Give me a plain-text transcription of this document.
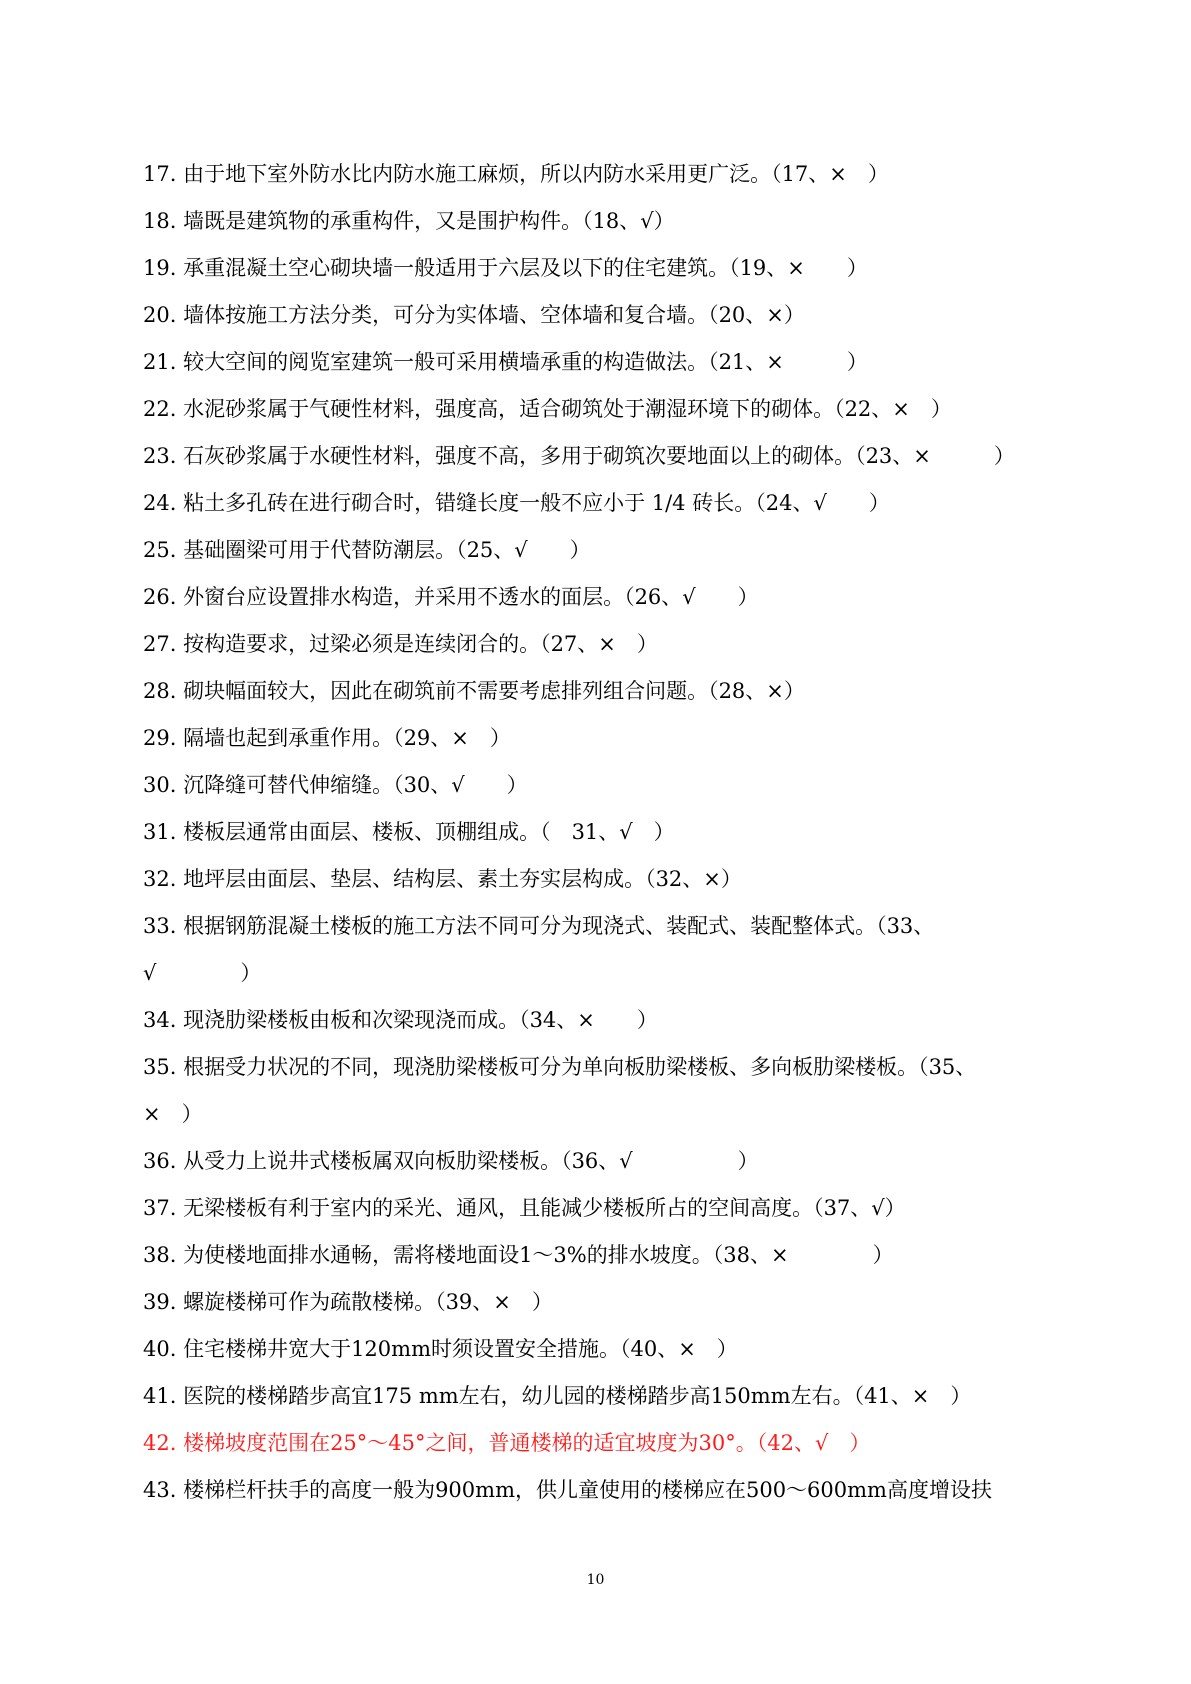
17. 由于地下室外防水比内防水施工麻烦，所以内防水采用更广泛。（17、×　）
18. 墙既是建筑物的承重构件，又是围护构件。（18、√）
19. 承重混凝土空心砌块墙一般适用于六层及以下的住宅建筑。（19、×　　）
20. 墙体按施工方法分类，可分为实体墙、空体墙和复合墙。（20、×）
21. 较大空间的阅览室建筑一般可采用横墙承重的构造做法。（21、×　　　）
22. 水泥砂浆属于气硬性材料，强度高，适合砌筑处于潮湿环境下的砌体。（22、×　）
23. 石灰砂浆属于水硬性材料，强度不高，多用于砌筑次要地面以上的砌体。（23、×　　　）
24. 粘土多孔砖在进行砌合时，错缝长度一般不应小于 1/4 砖长。（24、√　　）
25. 基础圈梁可用于代替防潮层。（25、√　　）
26. 外窗台应设置排水构造，并采用不透水的面层。（26、√　　）
27. 按构造要求，过梁必须是连续闭合的。（27、×　）
28. 砌块幅面较大，因此在砌筑前不需要考虑排列组合问题。（28、×）
29. 隔墙也起到承重作用。（29、×　）
30. 沉降缝可替代伸缩缝。（30、√　　）
31. 楼板层通常由面层、楼板、顶棚组成。（　31、√　）
32. 地坪层由面层、垫层、结构层、素土夯实层构成。（32、×）
33. 根据钢筋混凝土楼板的施工方法不同可分为现浇式、装配式、装配整体式。（33、
√　　　　）
34. 现浇肋梁楼板由板和次梁现浇而成。（34、×　　）
35. 根据受力状况的不同，现浇肋梁楼板可分为单向板肋梁楼板、多向板肋梁楼板。（35、
×　）
36. 从受力上说井式楼板属双向板肋梁楼板。（36、√　　　　　）
37. 无梁楼板有利于室内的采光、通风，且能减少楼板所占的空间高度。（37、√）
38. 为使楼地面排水通畅，需将楼地面设1～3%的排水坡度。（38、×　　　　）
39. 螺旋楼梯可作为疏散楼梯。（39、×　）
40. 住宅楼梯井宽大于120mm时须设置安全措施。（40、×　）
41. 医院的楼梯踏步高宜175 mm左右，幼儿园的楼梯踏步高150mm左右。（41、×　）
42. 楼梯坡度范围在25°～45°之间，普通楼梯的适宜坡度为30°。（42、√　）
43. 楼梯栏杆扶手的高度一般为900mm，供儿童使用的楼梯应在500～600mm高度增设扶
10
